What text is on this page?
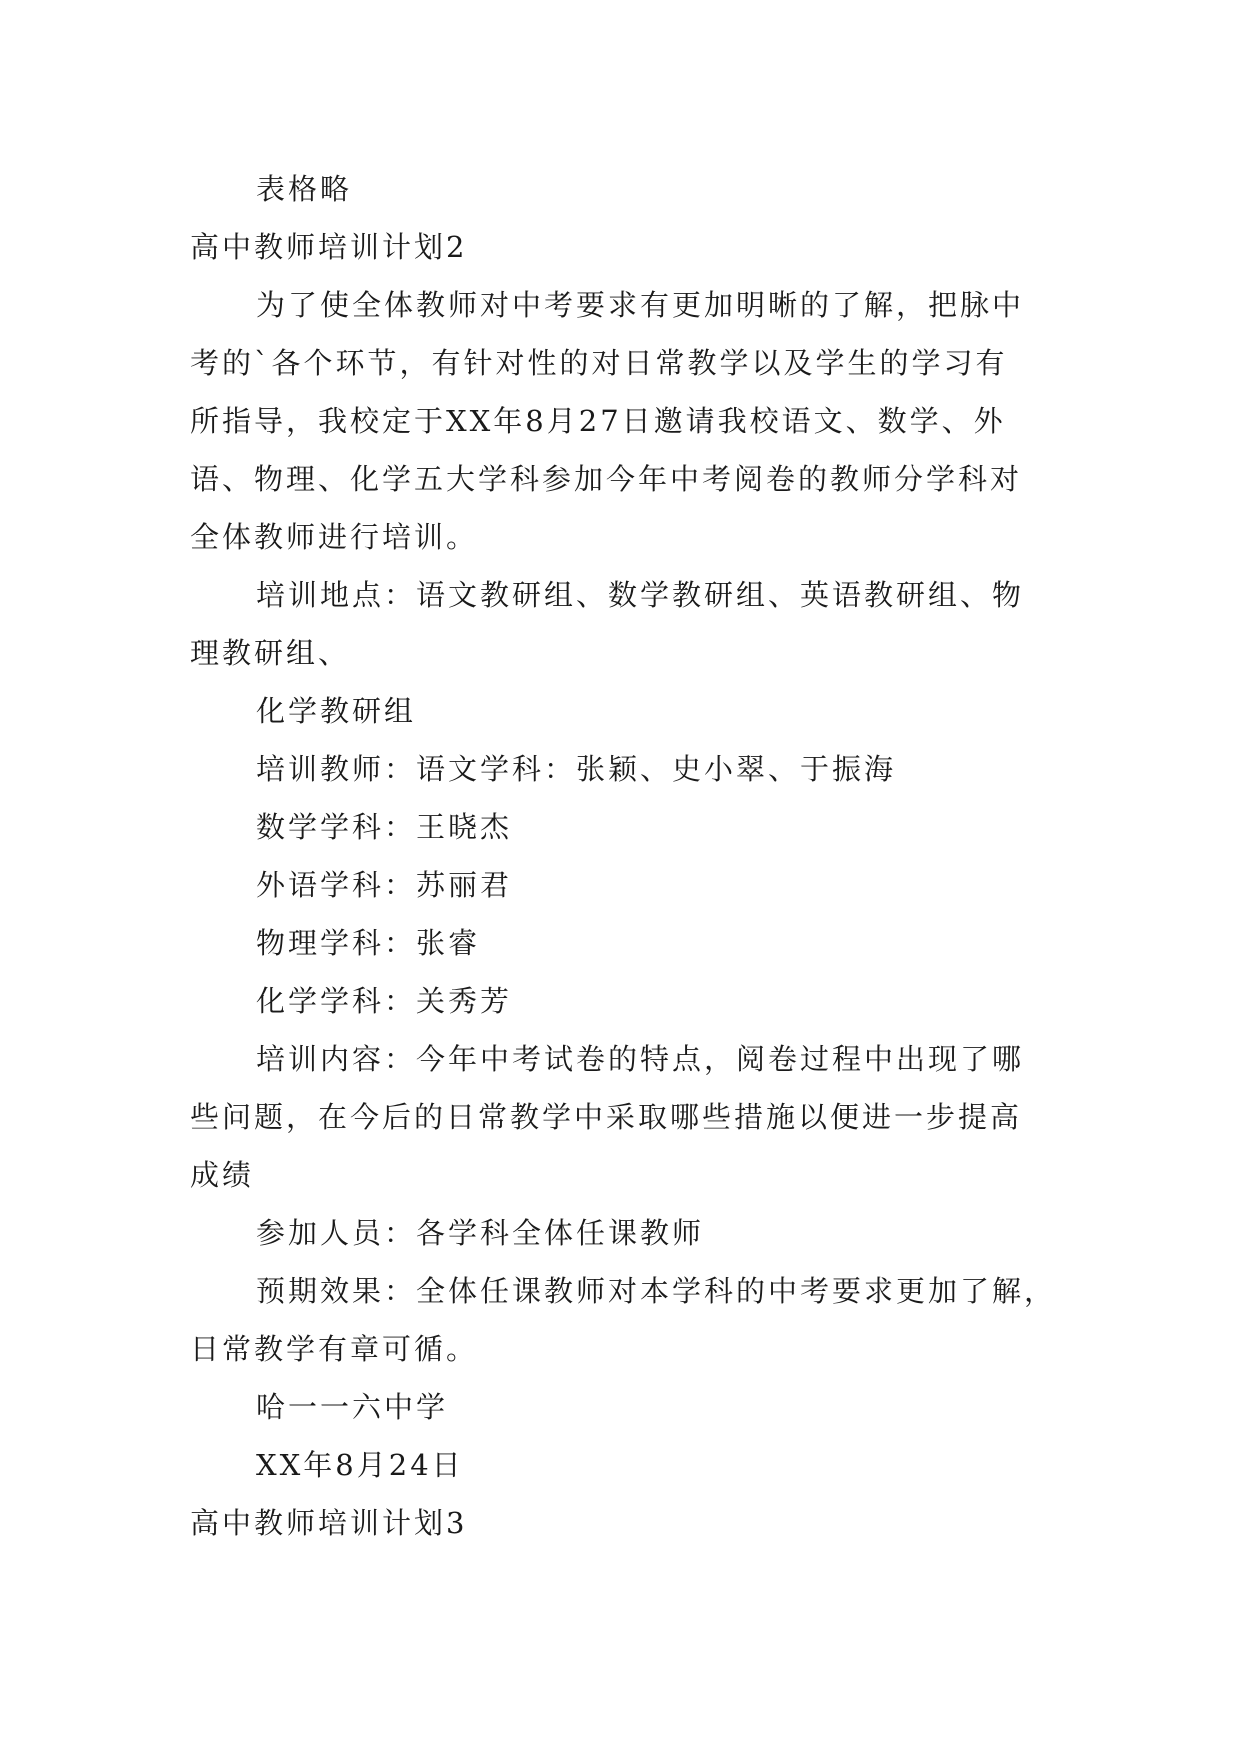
表格略
高中教师培训计划2
为了使全体教师对中考要求有更加明晰的了解，把脉中
考的`各个环节，有针对性的对日常教学以及学生的学习有
所指导，我校定于XX年8月27日邀请我校语文、数学、外
语、物理、化学五大学科参加今年中考阅卷的教师分学科对
全体教师进行培训。
培训地点：语文教研组、数学教研组、英语教研组、物
理教研组、
化学教研组
培训教师：语文学科：张颖、史小翠、于振海
数学学科：王晓杰
外语学科：苏丽君
物理学科：张睿
化学学科：关秀芳
培训内容：今年中考试卷的特点，阅卷过程中出现了哪
些问题，在今后的日常教学中采取哪些措施以便进一步提高
成绩
参加人员：各学科全体任课教师
预期效果：全体任课教师对本学科的中考要求更加了解，
日常教学有章可循。
哈一一六中学
XX年8月24日
高中教师培训计划3
